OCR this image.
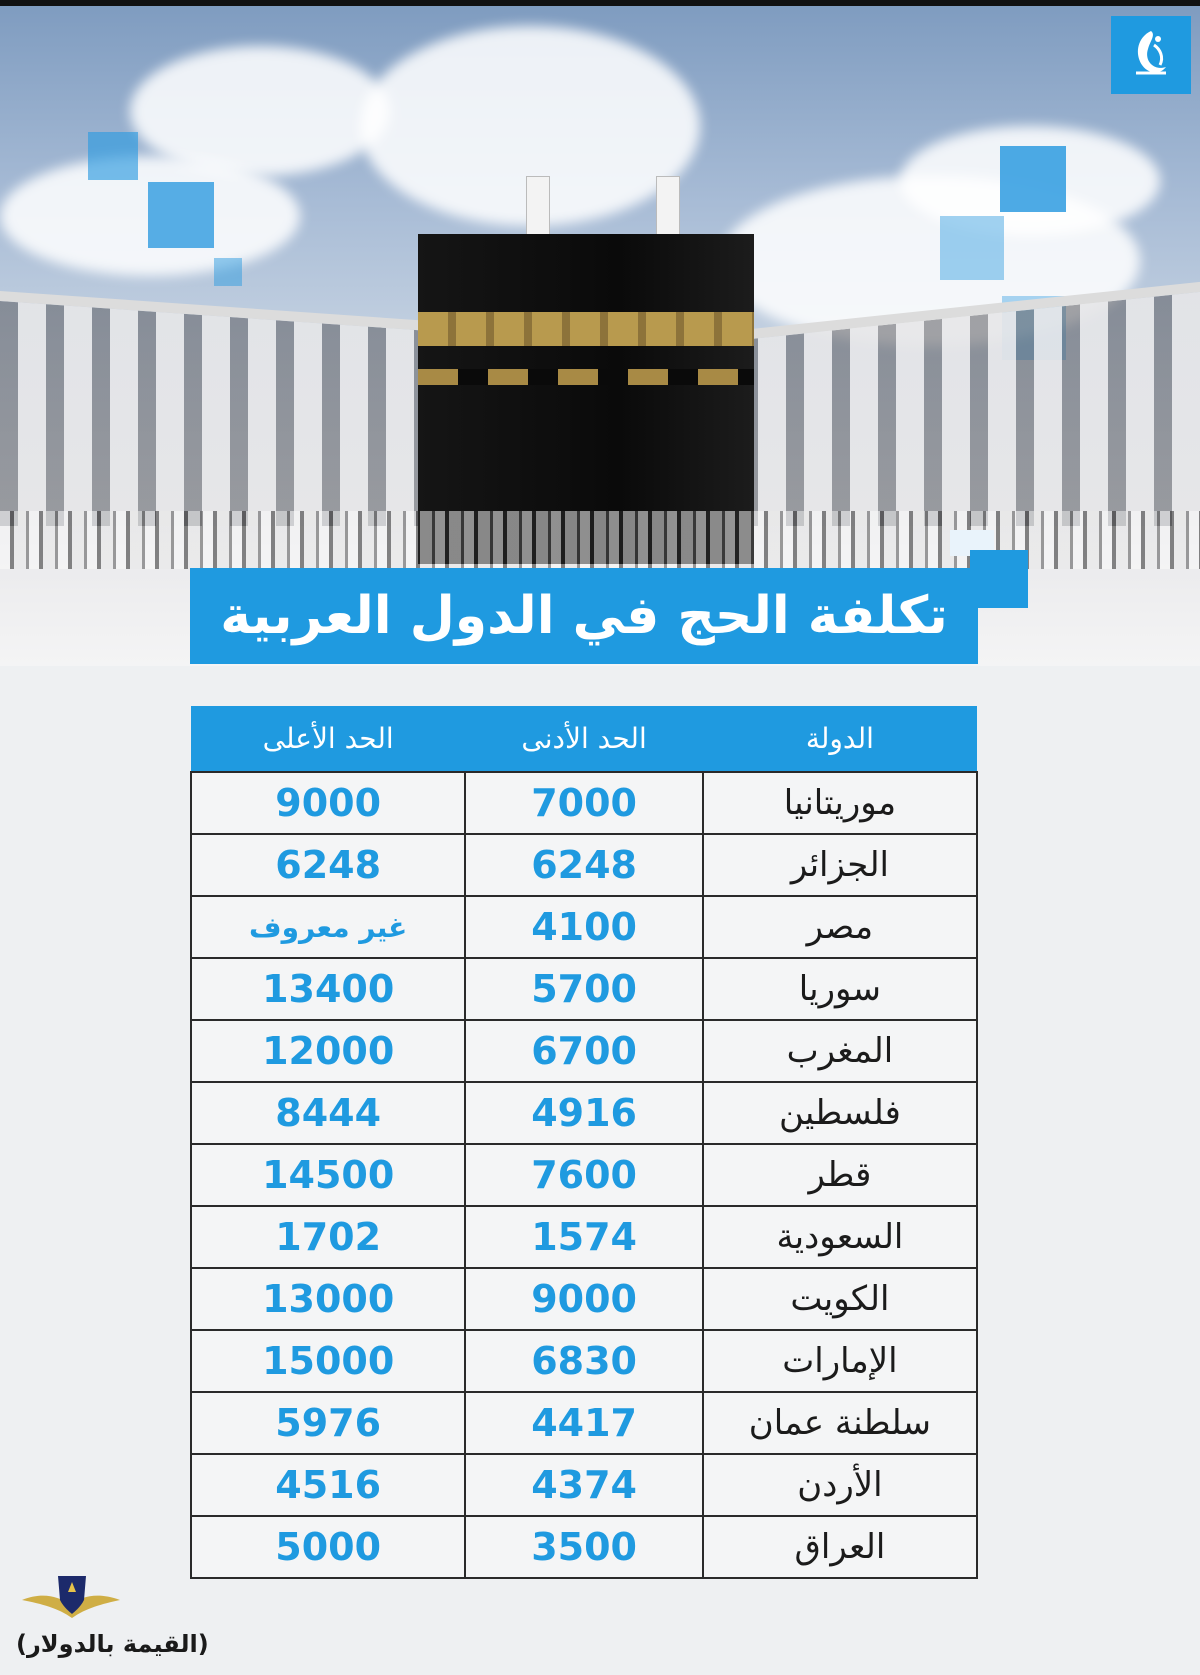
تكلفة الحج في الدول العربية
الدولة	الحد الأدنى	الحد الأعلى
موريتانيا	7000	9000
الجزائر	6248	6248
مصر	4100	غير معروف
سوريا	5700	13400
المغرب	6700	12000
فلسطين	4916	8444
قطر	7600	14500
السعودية	1574	1702
الكويت	9000	13000
الإمارات	6830	15000
سلطنة عمان	4417	5976
الأردن	4374	4516
العراق	3500	5000
(القيمة بالدولار)
